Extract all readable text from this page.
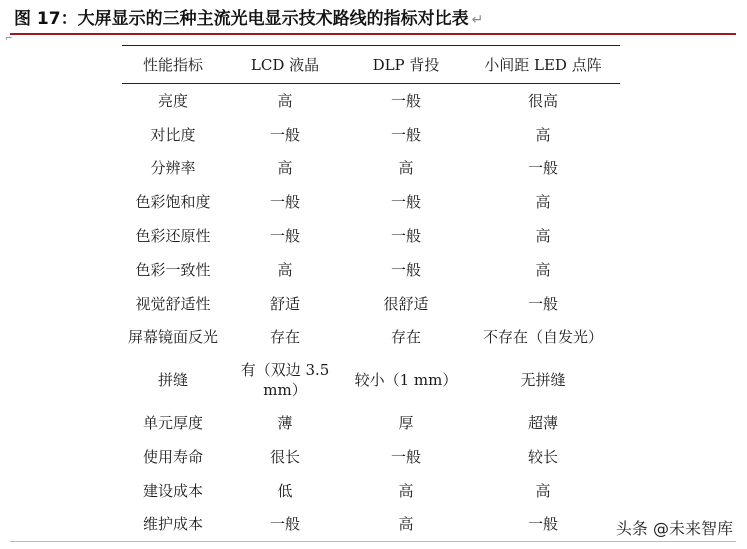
图 17：大屏显示的三种主流光电显示技术路线的指标对比表 ↵
⌐
性能指标	LCD 液晶	DLP 背投	小间距 LED 点阵
亮度	高	一般	很高
对比度	一般	一般	高
分辨率	高	高	一般
色彩饱和度	一般	一般	高
色彩还原性	一般	一般	高
色彩一致性	高	一般	高
视觉舒适性	舒适	很舒适	一般
屏幕镜面反光	存在	存在	不存在（自发光）
拼缝	有（双边 3.5 mm）	较小（1 mm）	无拼缝
单元厚度	薄	厚	超薄
使用寿命	很长	一般	较长
建设成本	低	高	高
维护成本	一般	高	一般	头条 @未来智库
